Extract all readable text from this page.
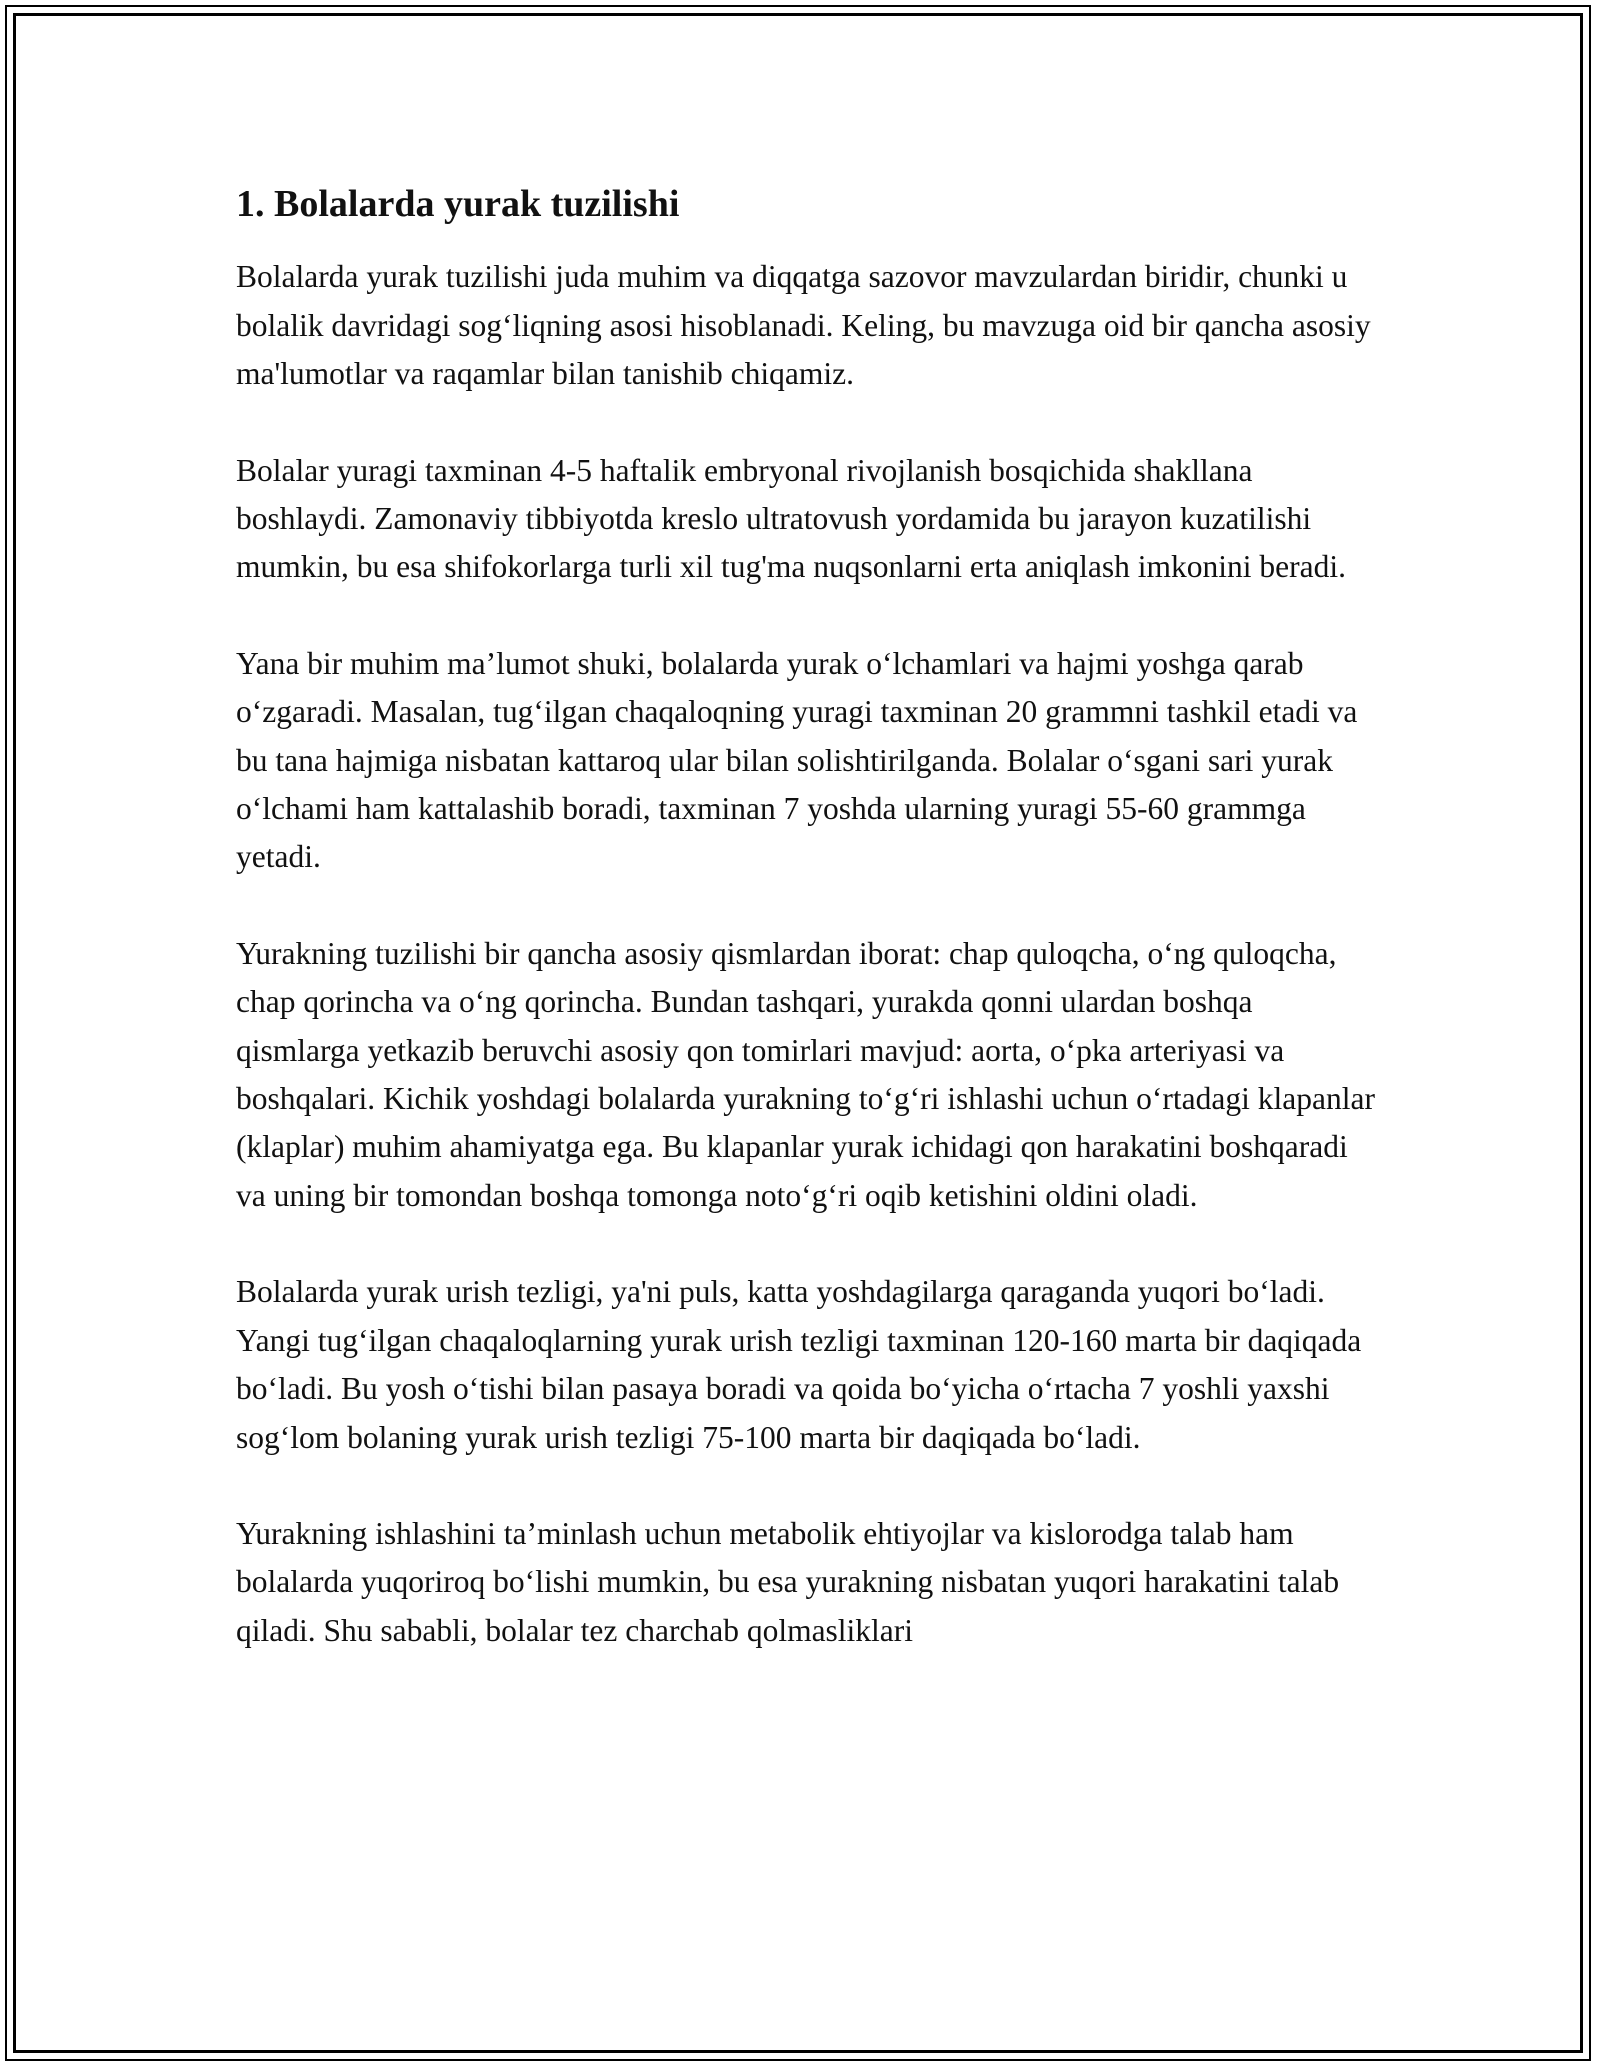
1. Bolalarda yurak tuzilishi

Bolalarda yurak tuzilishi juda muhim va diqqatga sazovor mavzulardan biridir, chunki u bolalik davridagi sog‘liqning asosi hisoblanadi. Keling, bu mavzuga oid bir qancha asosiy ma'lumotlar va raqamlar bilan tanishib chiqamiz.

Bolalar yuragi taxminan 4-5 haftalik embryonal rivojlanish bosqichida shakllana boshlaydi. Zamonaviy tibbiyotda kreslo ultratovush yordamida bu jarayon kuzatilishi mumkin, bu esa shifokorlarga turli xil tug'ma nuqsonlarni erta aniqlash imkonini beradi.

Yana bir muhim ma’lumot shuki, bolalarda yurak o‘lchamlari va hajmi yoshga qarab o‘zgaradi. Masalan, tug‘ilgan chaqaloqning yuragi taxminan 20 grammni tashkil etadi va bu tana hajmiga nisbatan kattaroq ular bilan solishtirilganda. Bolalar o‘sgani sari yurak o‘lchami ham kattalashib boradi, taxminan 7 yoshda ularning yuragi 55-60 grammga yetadi.

Yurakning tuzilishi bir qancha asosiy qismlardan iborat: chap quloqcha, o‘ng quloqcha, chap qorincha va o‘ng qorincha. Bundan tashqari, yurakda qonni ulardan boshqa qismlarga yetkazib beruvchi asosiy qon tomirlari mavjud: aorta, o‘pka arteriyasi va boshqalari. Kichik yoshdagi bolalarda yurakning to‘g‘ri ishlashi uchun o‘rtadagi klapanlar (klaplar) muhim ahamiyatga ega. Bu klapanlar yurak ichidagi qon harakatini boshqaradi va uning bir tomondan boshqa tomonga noto‘g‘ri oqib ketishini oldini oladi.

Bolalarda yurak urish tezligi, ya'ni puls, katta yoshdagilarga qaraganda yuqori bo‘ladi. Yangi tug‘ilgan chaqaloqlarning yurak urish tezligi taxminan 120-160 marta bir daqiqada bo‘ladi. Bu yosh o‘tishi bilan pasaya boradi va qoida bo‘yicha o‘rtacha 7 yoshli yaxshi sog‘lom bolaning yurak urish tezligi 75-100 marta bir daqiqada bo‘ladi.

Yurakning ishlashini ta’minlash uchun metabolik ehtiyojlar va kislorodga talab ham bolalarda yuqoriroq bo‘lishi mumkin, bu esa yurakning nisbatan yuqori harakatini talab qiladi. Shu sababli, bolalar tez charchab qolmasliklari
